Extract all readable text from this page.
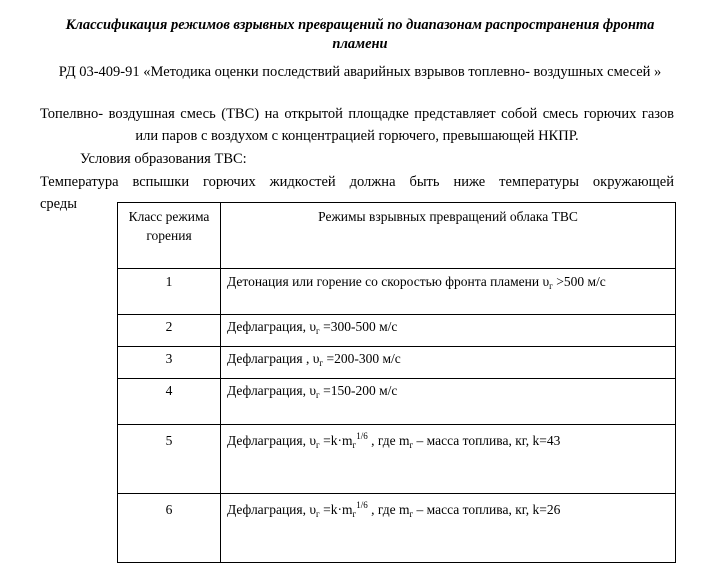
Классификация режимов взрывных превращений по диапазонам распространения фронта пламени
РД 03-409-91 «Методика оценки последствий аварийных взрывов топлевно- воздушных смесей »
Топелвно- воздушная смесь (ТВС) на открытой площадке представляет собой смесь горючих газов или паров с воздухом с концентрацией горючего, превышающей НКПР.
Условия образования ТВС:
Температура вспышки горючих жидкостей должна быть ниже температуры окружающей
среды
Класс режима горения	Режимы взрывных превращений облака ТВС
1	Детонация или горение со скоростью фронта пламени $\upsilon_г >500$ м/с
2	Дефлаграция, $\upsilon_г =300-500$ м/с
3	Дефлаграция , $\upsilon_г =200-300$ м/с
4	Дефлаграция, $\upsilon_г =150-200$ м/с
5	Дефлаграция, $\upsilon_г =k\cdot m_г^{1/6}$ , где $m_г$ – масса топлива, кг, k=43
6	Дефлаграция, $\upsilon_г =k\cdot m_г^{1/6}$ , где $m_г$ – масса топлива, кг, k=26
